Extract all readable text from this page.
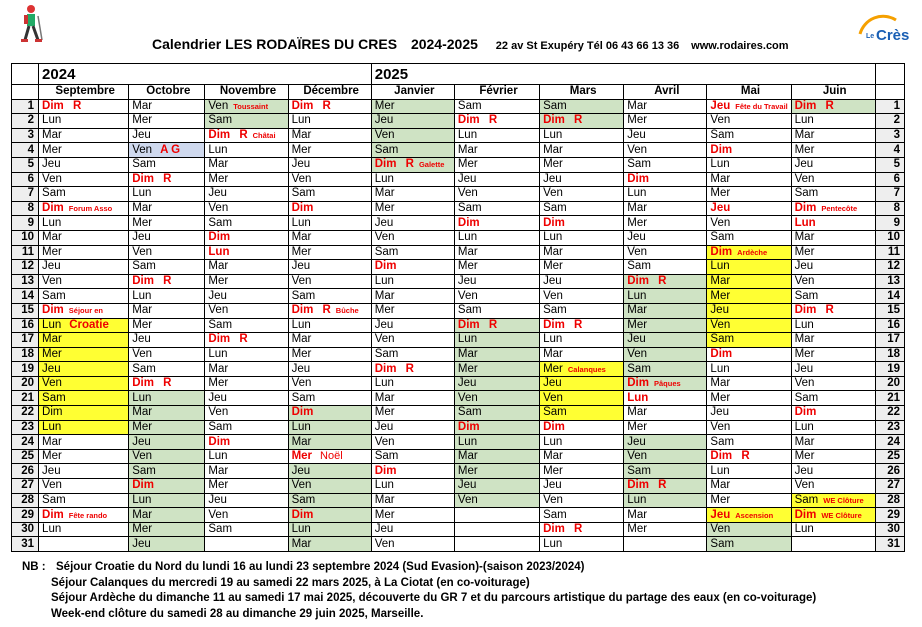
Calendrier LES RODAÏRES DU CRES 2024-2025 22 av St Exupéry Tél 06 43 66 13 36 www.rodaires.com
Le Crès
	2024				2025						
	Septembre	Octobre	Novembre	Décembre	Janvier	Février	Mars	Avril	Mai	Juin	
1	Dim R	Mar	Ven Toussaint	Dim R	Mer	Sam	Sam	Mar	Jeu Fête du Travail	Dim R	1
2	Lun	Mer	Sam	Lun	Jeu	Dim R	Dim R	Mer	Ven	Lun	2
3	Mar	Jeu	Dim R Châtai	Mar	Ven	Lun	Lun	Jeu	Sam	Mar	3
4	Mer	Ven A G	Lun	Mer	Sam	Mar	Mar	Ven	Dim	Mer	4
5	Jeu	Sam	Mar	Jeu	Dim R Galette	Mer	Mer	Sam	Lun	Jeu	5
6	Ven	Dim R	Mer	Ven	Lun	Jeu	Jeu	Dim	Mar	Ven	6
7	Sam	Lun	Jeu	Sam	Mar	Ven	Ven	Lun	Mer	Sam	7
8	Dim Forum Asso	Mar	Ven	Dim	Mer	Sam	Sam	Mar	Jeu	Dim Pentecôte	8
9	Lun	Mer	Sam	Lun	Jeu	Dim	Dim	Mer	Ven	Lun	9
10	Mar	Jeu	Dim	Mar	Ven	Lun	Lun	Jeu	Sam	Mar	10
11	Mer	Ven	Lun	Mer	Sam	Mar	Mar	Ven	Dim Ardèche	Mer	11
12	Jeu	Sam	Mar	Jeu	Dim	Mer	Mer	Sam	Lun	Jeu	12
13	Ven	Dim R	Mer	Ven	Lun	Jeu	Jeu	Dim R	Mar	Ven	13
14	Sam	Lun	Jeu	Sam	Mar	Ven	Ven	Lun	Mer	Sam	14
15	Dim Séjour en	Mar	Ven	Dim R Bûche	Mer	Sam	Sam	Mar	Jeu	Dim R	15
16	Lun Croatie	Mer	Sam	Lun	Jeu	Dim R	Dim R	Mer	Ven	Lun	16
17	Mar	Jeu	Dim R	Mar	Ven	Lun	Lun	Jeu	Sam	Mar	17
18	Mer	Ven	Lun	Mer	Sam	Mar	Mar	Ven	Dim	Mer	18
19	Jeu	Sam	Mar	Jeu	Dim R	Mer	Mer Calanques	Sam	Lun	Jeu	19
20	Ven	Dim R	Mer	Ven	Lun	Jeu	Jeu	Dim Pâques	Mar	Ven	20
21	Sam	Lun	Jeu	Sam	Mar	Ven	Ven	Lun	Mer	Sam	21
22	Dim	Mar	Ven	Dim	Mer	Sam	Sam	Mar	Jeu	Dim	22
23	Lun	Mer	Sam	Lun	Jeu	Dim	Dim	Mer	Ven	Lun	23
24	Mar	Jeu	Dim	Mar	Ven	Lun	Lun	Jeu	Sam	Mar	24
25	Mer	Ven	Lun	Mer Noël	Sam	Mar	Mar	Ven	Dim R	Mer	25
26	Jeu	Sam	Mar	Jeu	Dim	Mer	Mer	Sam	Lun	Jeu	26
27	Ven	Dim	Mer	Ven	Lun	Jeu	Jeu	Dim R	Mar	Ven	27
28	Sam	Lun	Jeu	Sam	Mar	Ven	Ven	Lun	Mer	Sam WE Clôture	28
29	Dim Fête rando	Mar	Ven	Dim	Mer		Sam	Mar	Jeu Ascension	Dim WE Clôture	29
30	Lun	Mer	Sam	Lun	Jeu		Dim R	Mer	Ven	Lun	30
31		Jeu		Mar	Ven		Lun		Sam		31
NB : Séjour Croatie du Nord du lundi 16 au lundi 23 septembre 2024 (Sud Evasion)-(saison 2023/2024)
Séjour Calanques du mercredi 19 au samedi 22 mars 2025, à La Ciotat (en co-voiturage)
Séjour Ardèche du dimanche 11 au samedi 17 mai 2025, découverte du GR 7 et du parcours artistique du partage des eaux (en co-voiturage)
Week-end clôture du samedi 28 au dimanche 29 juin 2025, Marseille.
